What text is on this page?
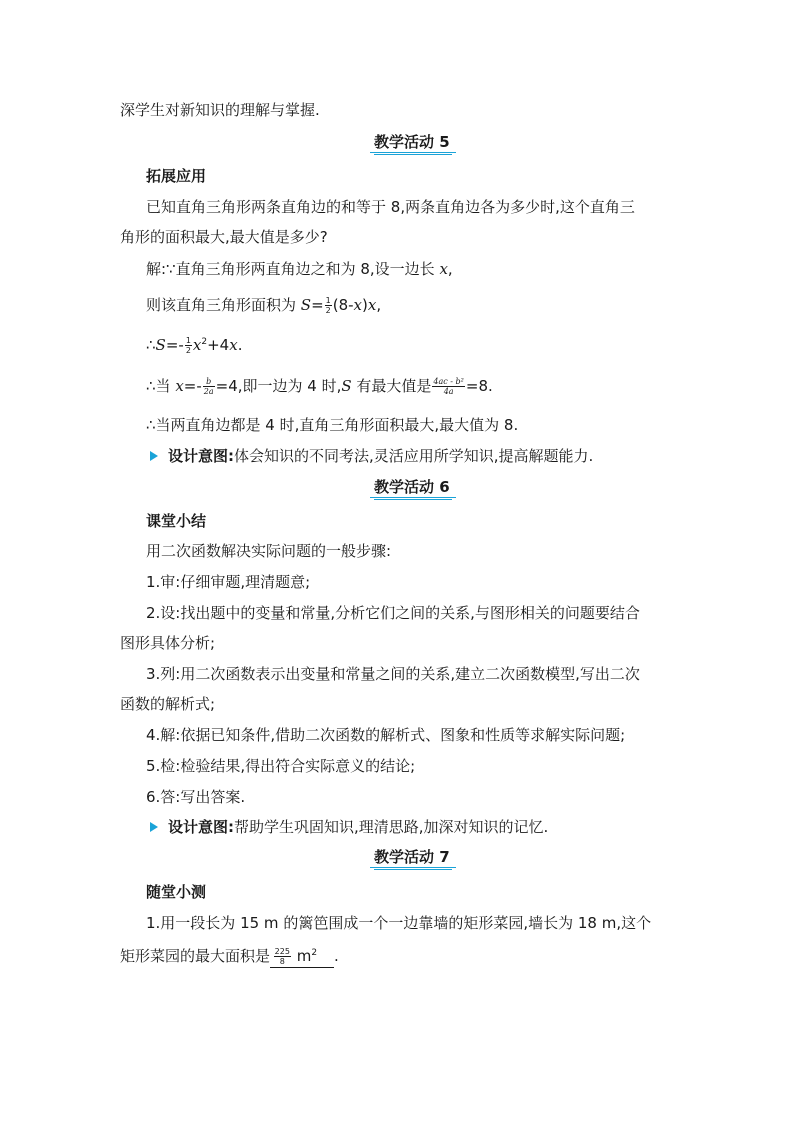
深学生对新知识的理解与掌握.
教学活动 5
拓展应用
已知直角三角形两条直角边的和等于 8,两条直角边各为多少时,这个直角三
角形的面积最大,最大值是多少?
解:∵直角三角形两直角边之和为 8,设一边长 x,
则该直角三角形面积为 $S= \frac{1}{2} (8-x)x$,
∴S=- $\frac{1}{2} x^2+4x$.
∴当 $x=- \frac{b}{2a} =4$,即一边为 4 时,S 有最大值是 $\frac{\text{4ac - b²}}{4a} =8$.
∴当两直角边都是 4 时,直角三角形面积最大,最大值为 8.
设计意图:体会知识的不同考法,灵活应用所学知识,提高解题能力.
教学活动 6
课堂小结
用二次函数解决实际问题的一般步骤:
1.审:仔细审题,理清题意;
2.设:找出题中的变量和常量,分析它们之间的关系,与图形相关的问题要结合
图形具体分析;
3.列:用二次函数表示出变量和常量之间的关系,建立二次函数模型,写出二次
函数的解析式;
4.解:依据已知条件,借助二次函数的解析式、图象和性质等求解实际问题;
5.检:检验结果,得出符合实际意义的结论;
6.答:写出答案.
设计意图:帮助学生巩固知识,理清思路,加深对知识的记忆.
教学活动 7
随堂小测
1.用一段长为 15 m 的篱笆围成一个一边靠墙的矩形菜园,墙长为 18 m,这个
矩形菜园的最大面积是 $\frac{225}{8} m^2$ .
